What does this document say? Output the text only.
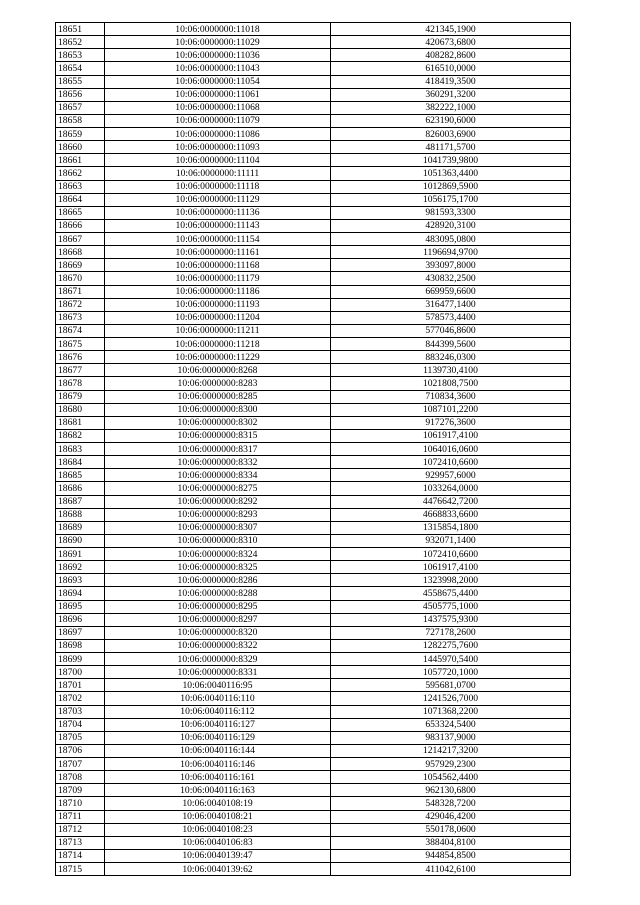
18651	10:06:0000000:11018	421345,1900
18652	10:06:0000000:11029	420673,6800
18653	10:06:0000000:11036	408282,8600
18654	10:06:0000000:11043	616510,0000
18655	10:06:0000000:11054	418419,3500
18656	10:06:0000000:11061	360291,3200
18657	10:06:0000000:11068	382222,1000
18658	10:06:0000000:11079	623190,6000
18659	10:06:0000000:11086	826003,6900
18660	10:06:0000000:11093	481171,5700
18661	10:06:0000000:11104	1041739,9800
18662	10:06:0000000:11111	1051363,4400
18663	10:06:0000000:11118	1012869,5900
18664	10:06:0000000:11129	1056175,1700
18665	10:06:0000000:11136	981593,3300
18666	10:06:0000000:11143	428920,3100
18667	10:06:0000000:11154	483095,0800
18668	10:06:0000000:11161	1196694,9700
18669	10:06:0000000:11168	393097,8000
18670	10:06:0000000:11179	430832,2500
18671	10:06:0000000:11186	669959,6600
18672	10:06:0000000:11193	316477,1400
18673	10:06:0000000:11204	578573,4400
18674	10:06:0000000:11211	577046,8600
18675	10:06:0000000:11218	844399,5600
18676	10:06:0000000:11229	883246,0300
18677	10:06:0000000:8268	1139730,4100
18678	10:06:0000000:8283	1021808,7500
18679	10:06:0000000:8285	710834,3600
18680	10:06:0000000:8300	1087101,2200
18681	10:06:0000000:8302	917276,3600
18682	10:06:0000000:8315	1061917,4100
18683	10:06:0000000:8317	1064016,0600
18684	10:06:0000000:8332	1072410,6600
18685	10:06:0000000:8334	929957,6000
18686	10:06:0000000:8275	1033264,0000
18687	10:06:0000000:8292	4476642,7200
18688	10:06:0000000:8293	4668833,6600
18689	10:06:0000000:8307	1315854,1800
18690	10:06:0000000:8310	932071,1400
18691	10:06:0000000:8324	1072410,6600
18692	10:06:0000000:8325	1061917,4100
18693	10:06:0000000:8286	1323998,2000
18694	10:06:0000000:8288	4558675,4400
18695	10:06:0000000:8295	4505775,1000
18696	10:06:0000000:8297	1437575,9300
18697	10:06:0000000:8320	727178,2600
18698	10:06:0000000:8322	1282275,7600
18699	10:06:0000000:8329	1445970,5400
18700	10:06:0000000:8331	1057720,1000
18701	10:06:0040116:95	595681,0700
18702	10:06:0040116:110	1241526,7000
18703	10:06:0040116:112	1071368,2200
18704	10:06:0040116:127	653324,5400
18705	10:06:0040116:129	983137,9000
18706	10:06:0040116:144	1214217,3200
18707	10:06:0040116:146	957929,2300
18708	10:06:0040116:161	1054562,4400
18709	10:06:0040116:163	962130,6800
18710	10:06:0040108:19	548328,7200
18711	10:06:0040108:21	429046,4200
18712	10:06:0040108:23	550178,0600
18713	10:06:0040106:83	388404,8100
18714	10:06:0040139:47	944854,8500
18715	10:06:0040139:62	411042,6100
